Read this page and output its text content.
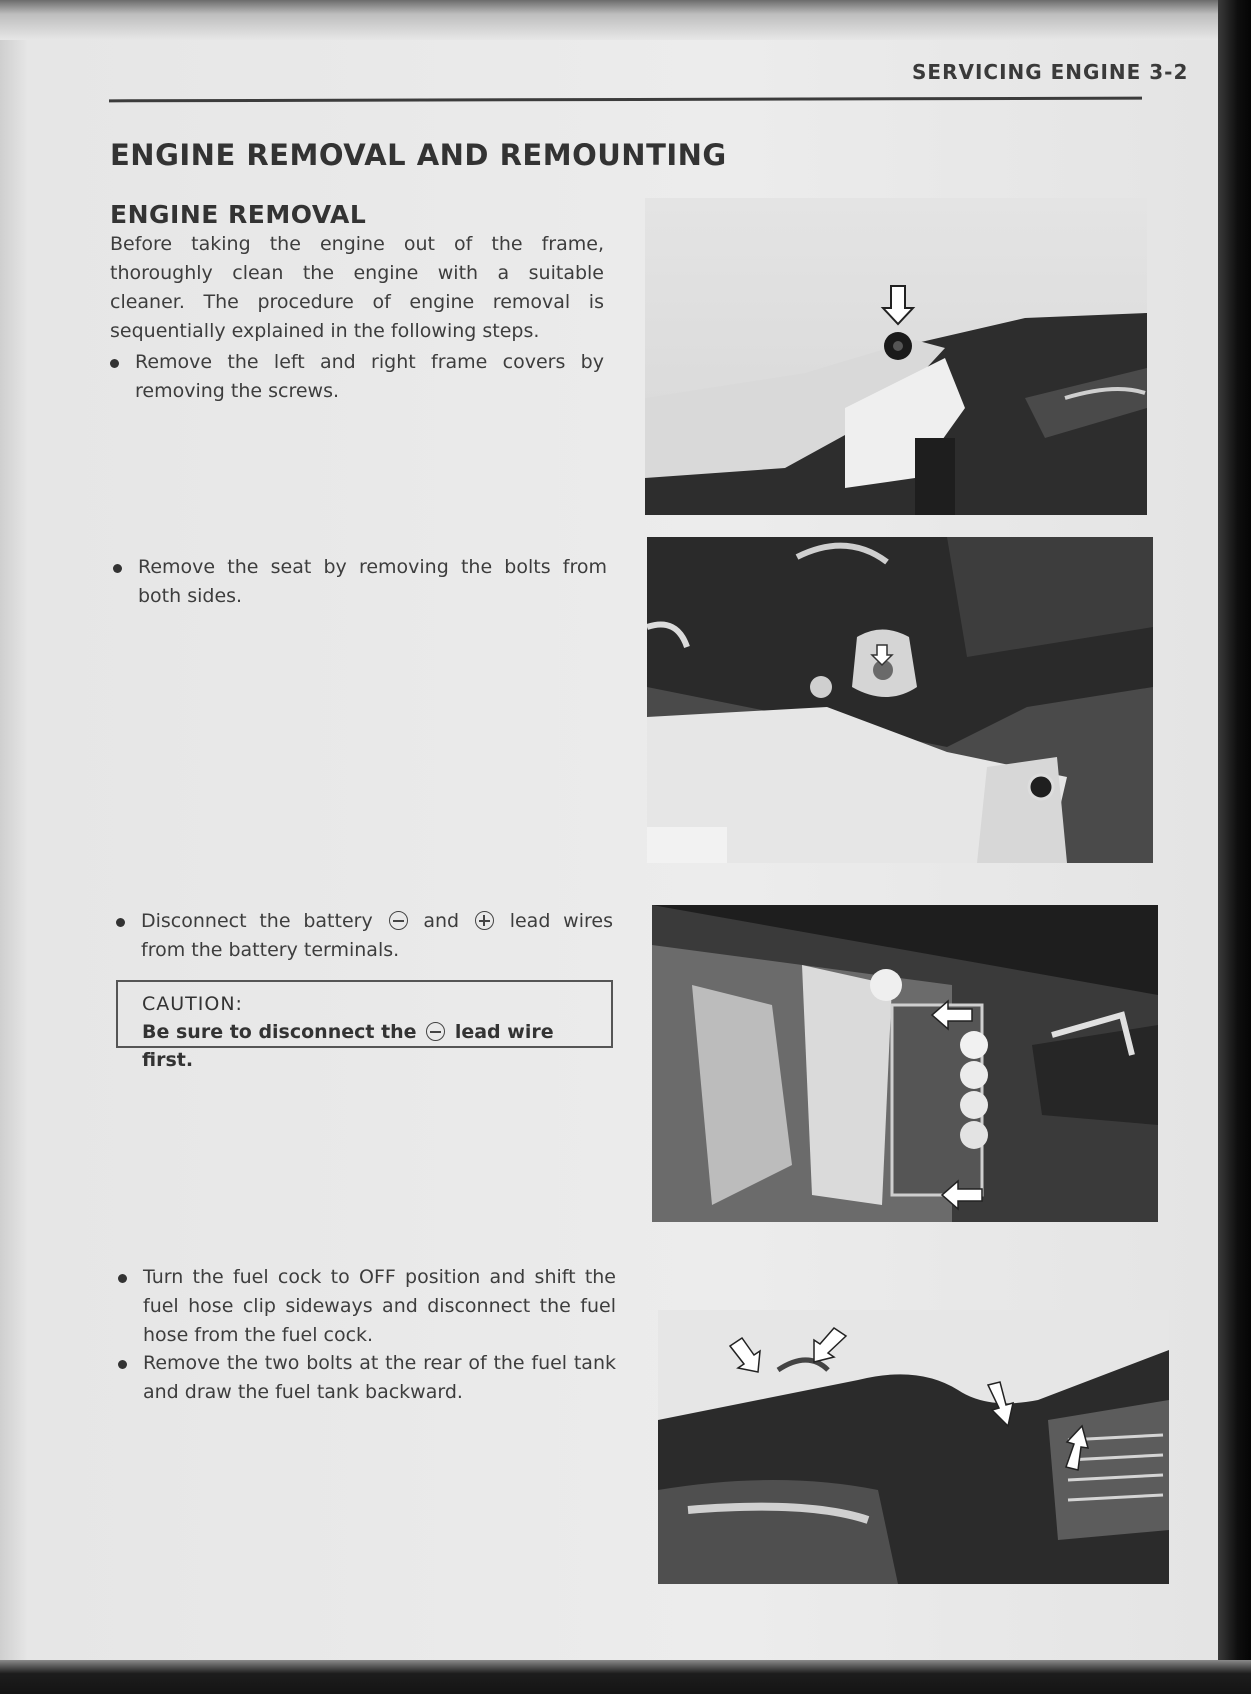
SERVICING ENGINE 3-2
ENGINE REMOVAL AND REMOUNTING
ENGINE REMOVAL
Before taking the engine out of the frame, thoroughly clean the engine with a suitable cleaner. The procedure of engine removal is sequentially explained in the following steps.
Remove the left and right frame covers by removing the screws.
Remove the seat by removing the bolts from both sides.
Disconnect the battery	and	lead wires from the battery terminals.
CAUTION:
Be sure to disconnect the lead wire first.
Turn the fuel cock to OFF position and shift the fuel hose clip sideways and disconnect the fuel hose from the fuel cock.
Remove the two bolts at the rear of the fuel tank and draw the fuel tank backward.
